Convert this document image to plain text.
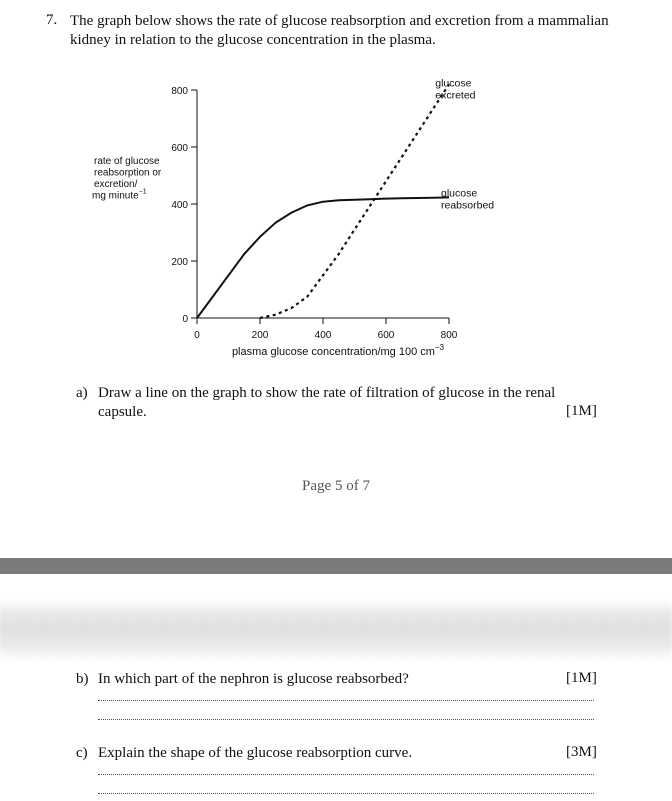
7. The graph below shows the rate of glucose reabsorption and excretion from a mammalian kidney in relation to the glucose concentration in the plasma.
0
200
400
600
800
0	200	400	600	800
plasma glucose concentration/mg 100 $cm^{-3}$
rate of glucose
reabsorption or
excretion/
mg minute$^{-1}$	glucose
reabsorbed
glucose
excreted
a) Draw a line on the graph to show the rate of filtration of glucose in the renal capsule.	[1M]
Page 5 of 7
b) In which part of the nephron is glucose reabsorbed?	[1M]
c) Explain the shape of the glucose reabsorption curve.	[3M]
